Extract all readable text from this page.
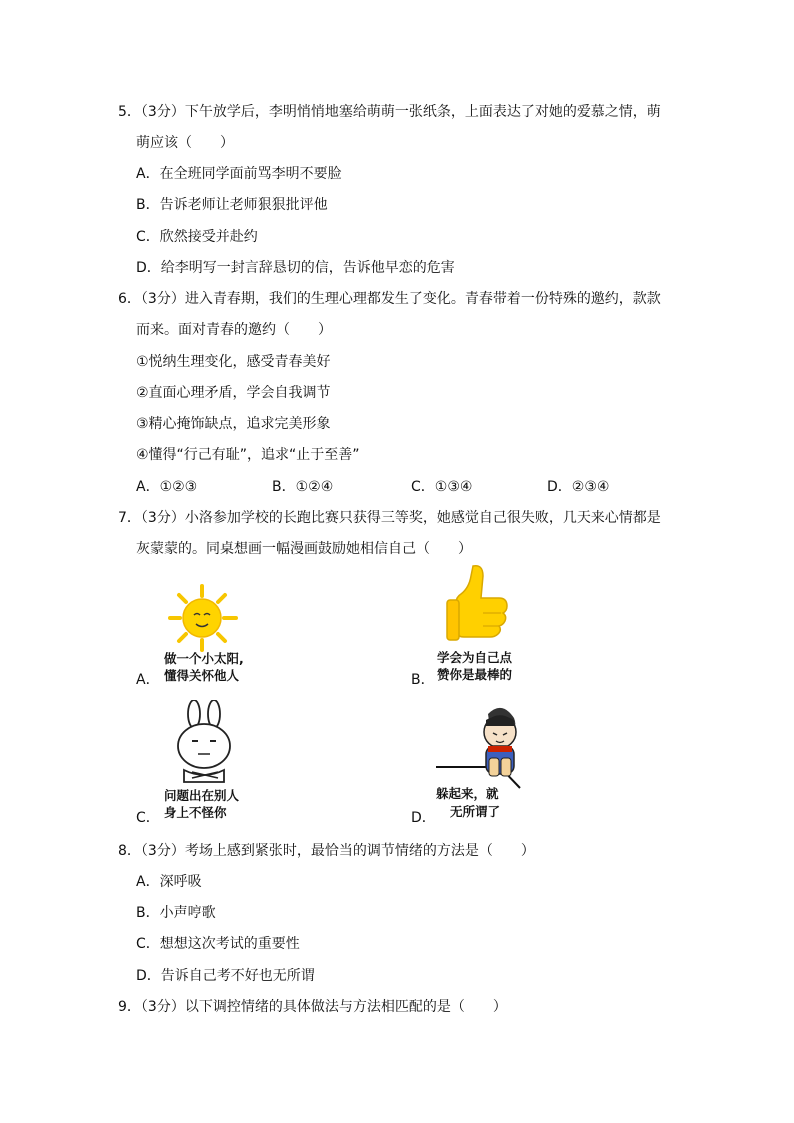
5．（3分）下午放学后，李明悄悄地塞给萌萌一张纸条，上面表达了对她的爱慕之情，萌
萌应该（　　）
A．在全班同学面前骂李明不要脸
B．告诉老师让老师狠狠批评他
C．欣然接受并赴约
D．给李明写一封言辞恳切的信，告诉他早恋的危害
6．（3分）进入青春期，我们的生理心理都发生了变化。青春带着一份特殊的邀约，款款
而来。面对青春的邀约（　　）
①悦纳生理变化，感受青春美好
②直面心理矛盾，学会自我调节
③精心掩饰缺点，追求完美形象
④懂得“行己有耻”，追求“止于至善”
A．①②③	B．①②④	C．①③④	D．②③④
7．（3分）小洛参加学校的长跑比赛只获得三等奖，她感觉自己很失败，几天来心情都是
灰蒙蒙的。同桌想画一幅漫画鼓励她相信自己（　　）
做一个小太阳,
懂得关怀他人
A．
学会为自己点
赞你是最棒的
B．
问题出在别人
身上不怪你
C．
躲起来，就
无所谓了
D．
8．（3分）考场上感到紧张时，最恰当的调节情绪的方法是（　　）
A．深呼吸
B．小声哼歌
C．想想这次考试的重要性
D．告诉自己考不好也无所谓
9．（3分）以下调控情绪的具体做法与方法相匹配的是（　　）
